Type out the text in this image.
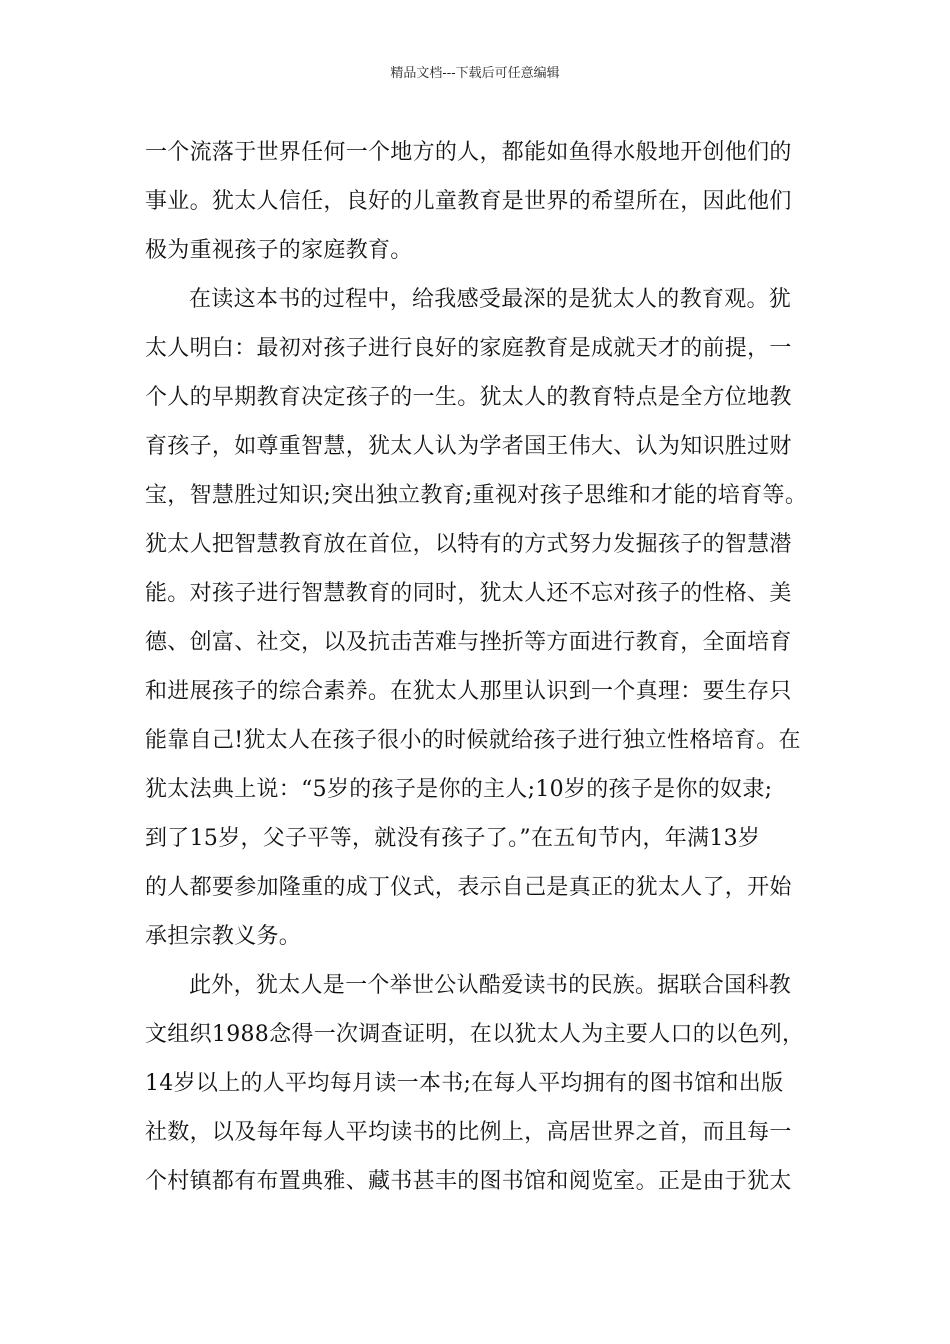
精品文档---下载后可任意编辑
一个流落于世界任何一个地方的人，都能如鱼得水般地开创他们的
事业。犹太人信任，良好的儿童教育是世界的希望所在，因此他们
极为重视孩子的家庭教育。
在读这本书的过程中，给我感受最深的是犹太人的教育观。犹
太人明白：最初对孩子进行良好的家庭教育是成就天才的前提，一
个人的早期教育决定孩子的一生。犹太人的教育特点是全方位地教
育孩子，如尊重智慧，犹太人认为学者国王伟大、认为知识胜过财
宝，智慧胜过知识;突出独立教育;重视对孩子思维和才能的培育等。
犹太人把智慧教育放在首位，以特有的方式努力发掘孩子的智慧潜
能。对孩子进行智慧教育的同时，犹太人还不忘对孩子的性格、美
德、创富、社交，以及抗击苦难与挫折等方面进行教育，全面培育
和进展孩子的综合素养。在犹太人那里认识到一个真理：要生存只
能靠自己!犹太人在孩子很小的时候就给孩子进行独立性格培育。在
犹太法典上说：“5岁的孩子是你的主人;10岁的孩子是你的奴隶;
到了15岁，父子平等，就没有孩子了。”在五旬节内，年满13岁
的人都要参加隆重的成丁仪式，表示自己是真正的犹太人了，开始
承担宗教义务。
此外，犹太人是一个举世公认酷爱读书的民族。据联合国科教
文组织1988念得一次调查证明，在以犹太人为主要人口的以色列，
14岁以上的人平均每月读一本书;在每人平均拥有的图书馆和出版
社数，以及每年每人平均读书的比例上，高居世界之首，而且每一
个村镇都有布置典雅、藏书甚丰的图书馆和阅览室。正是由于犹太
